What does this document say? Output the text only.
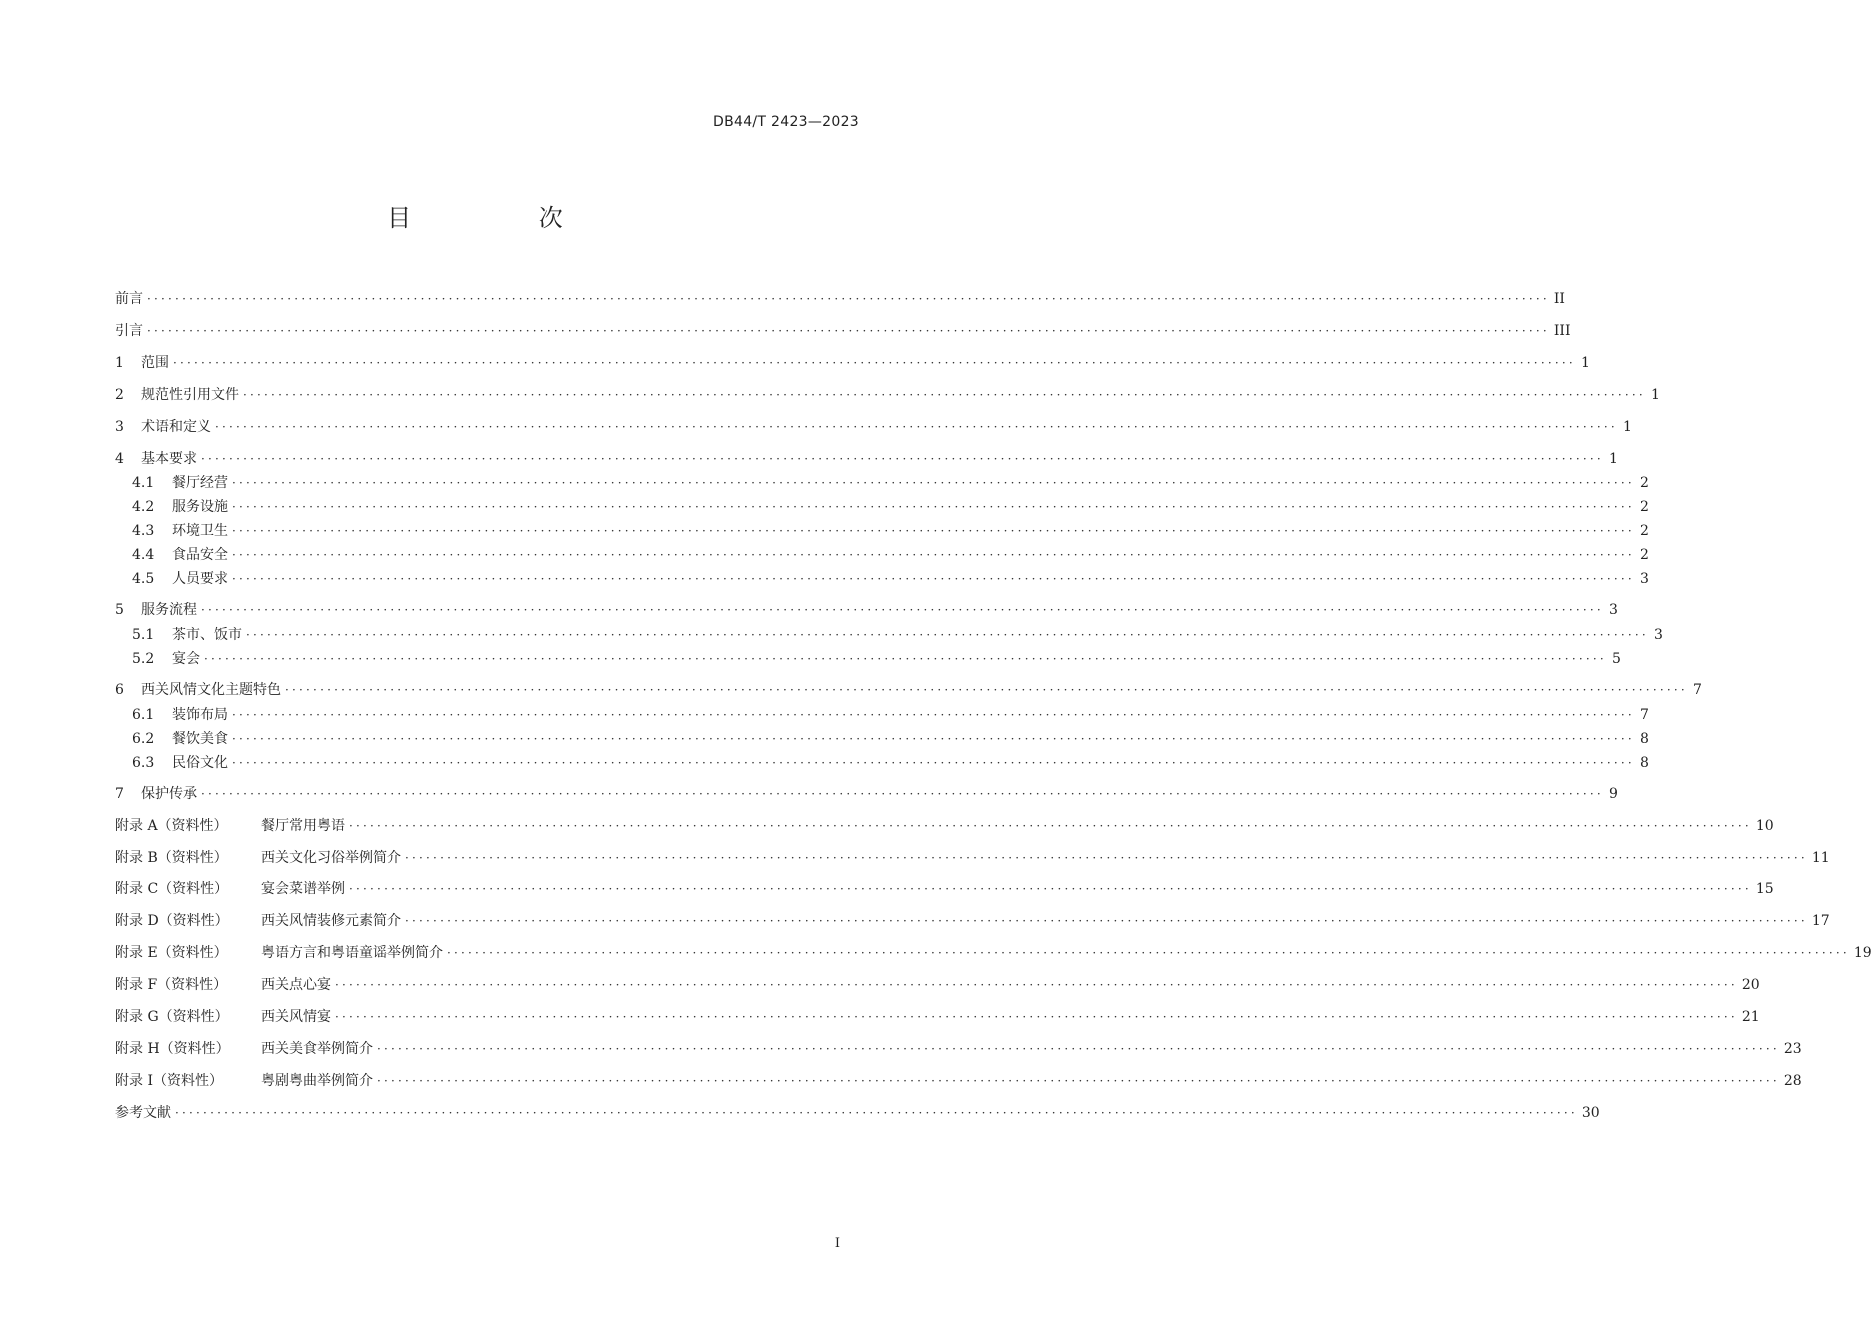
DB44/T 2423—2023
目 次
前言 ········································································································································································································ II
引言 ········································································································································································································ III
1	范围 ········································································································································································································ 1
2	规范性引用文件 ········································································································································································································ 1
3	术语和定义 ········································································································································································································ 1
4	基本要求 ········································································································································································································ 1
4.1	餐厅经营 ········································································································································································································ 2
4.2	服务设施 ········································································································································································································ 2
4.3	环境卫生 ········································································································································································································ 2
4.4	食品安全 ········································································································································································································ 2
4.5	人员要求 ········································································································································································································ 3
5	服务流程 ········································································································································································································ 3
5.1	茶市、饭市 ········································································································································································································ 3
5.2	宴会 ········································································································································································································ 5
6	西关风情文化主题特色 ········································································································································································································ 7
6.1	装饰布局 ········································································································································································································ 7
6.2	餐饮美食 ········································································································································································································ 8
6.3	民俗文化 ········································································································································································································ 8
7	保护传承 ········································································································································································································ 9
附录 A（资料性）	餐厅常用粤语 ········································································································································································································ 10
附录 B（资料性）	西关文化习俗举例简介 ········································································································································································································ 11
附录 C（资料性）	宴会菜谱举例 ········································································································································································································ 15
附录 D（资料性）	西关风情装修元素简介 ········································································································································································································ 17
附录 E（资料性）	粤语方言和粤语童谣举例简介 ········································································································································································································ 19
附录 F（资料性）	西关点心宴 ········································································································································································································ 20
附录 G（资料性）	西关风情宴 ········································································································································································································ 21
附录 H（资料性）	西关美食举例简介 ········································································································································································································ 23
附录 I（资料性）	粤剧粤曲举例简介 ········································································································································································································ 28
参考文献 ········································································································································································································ 30
I
